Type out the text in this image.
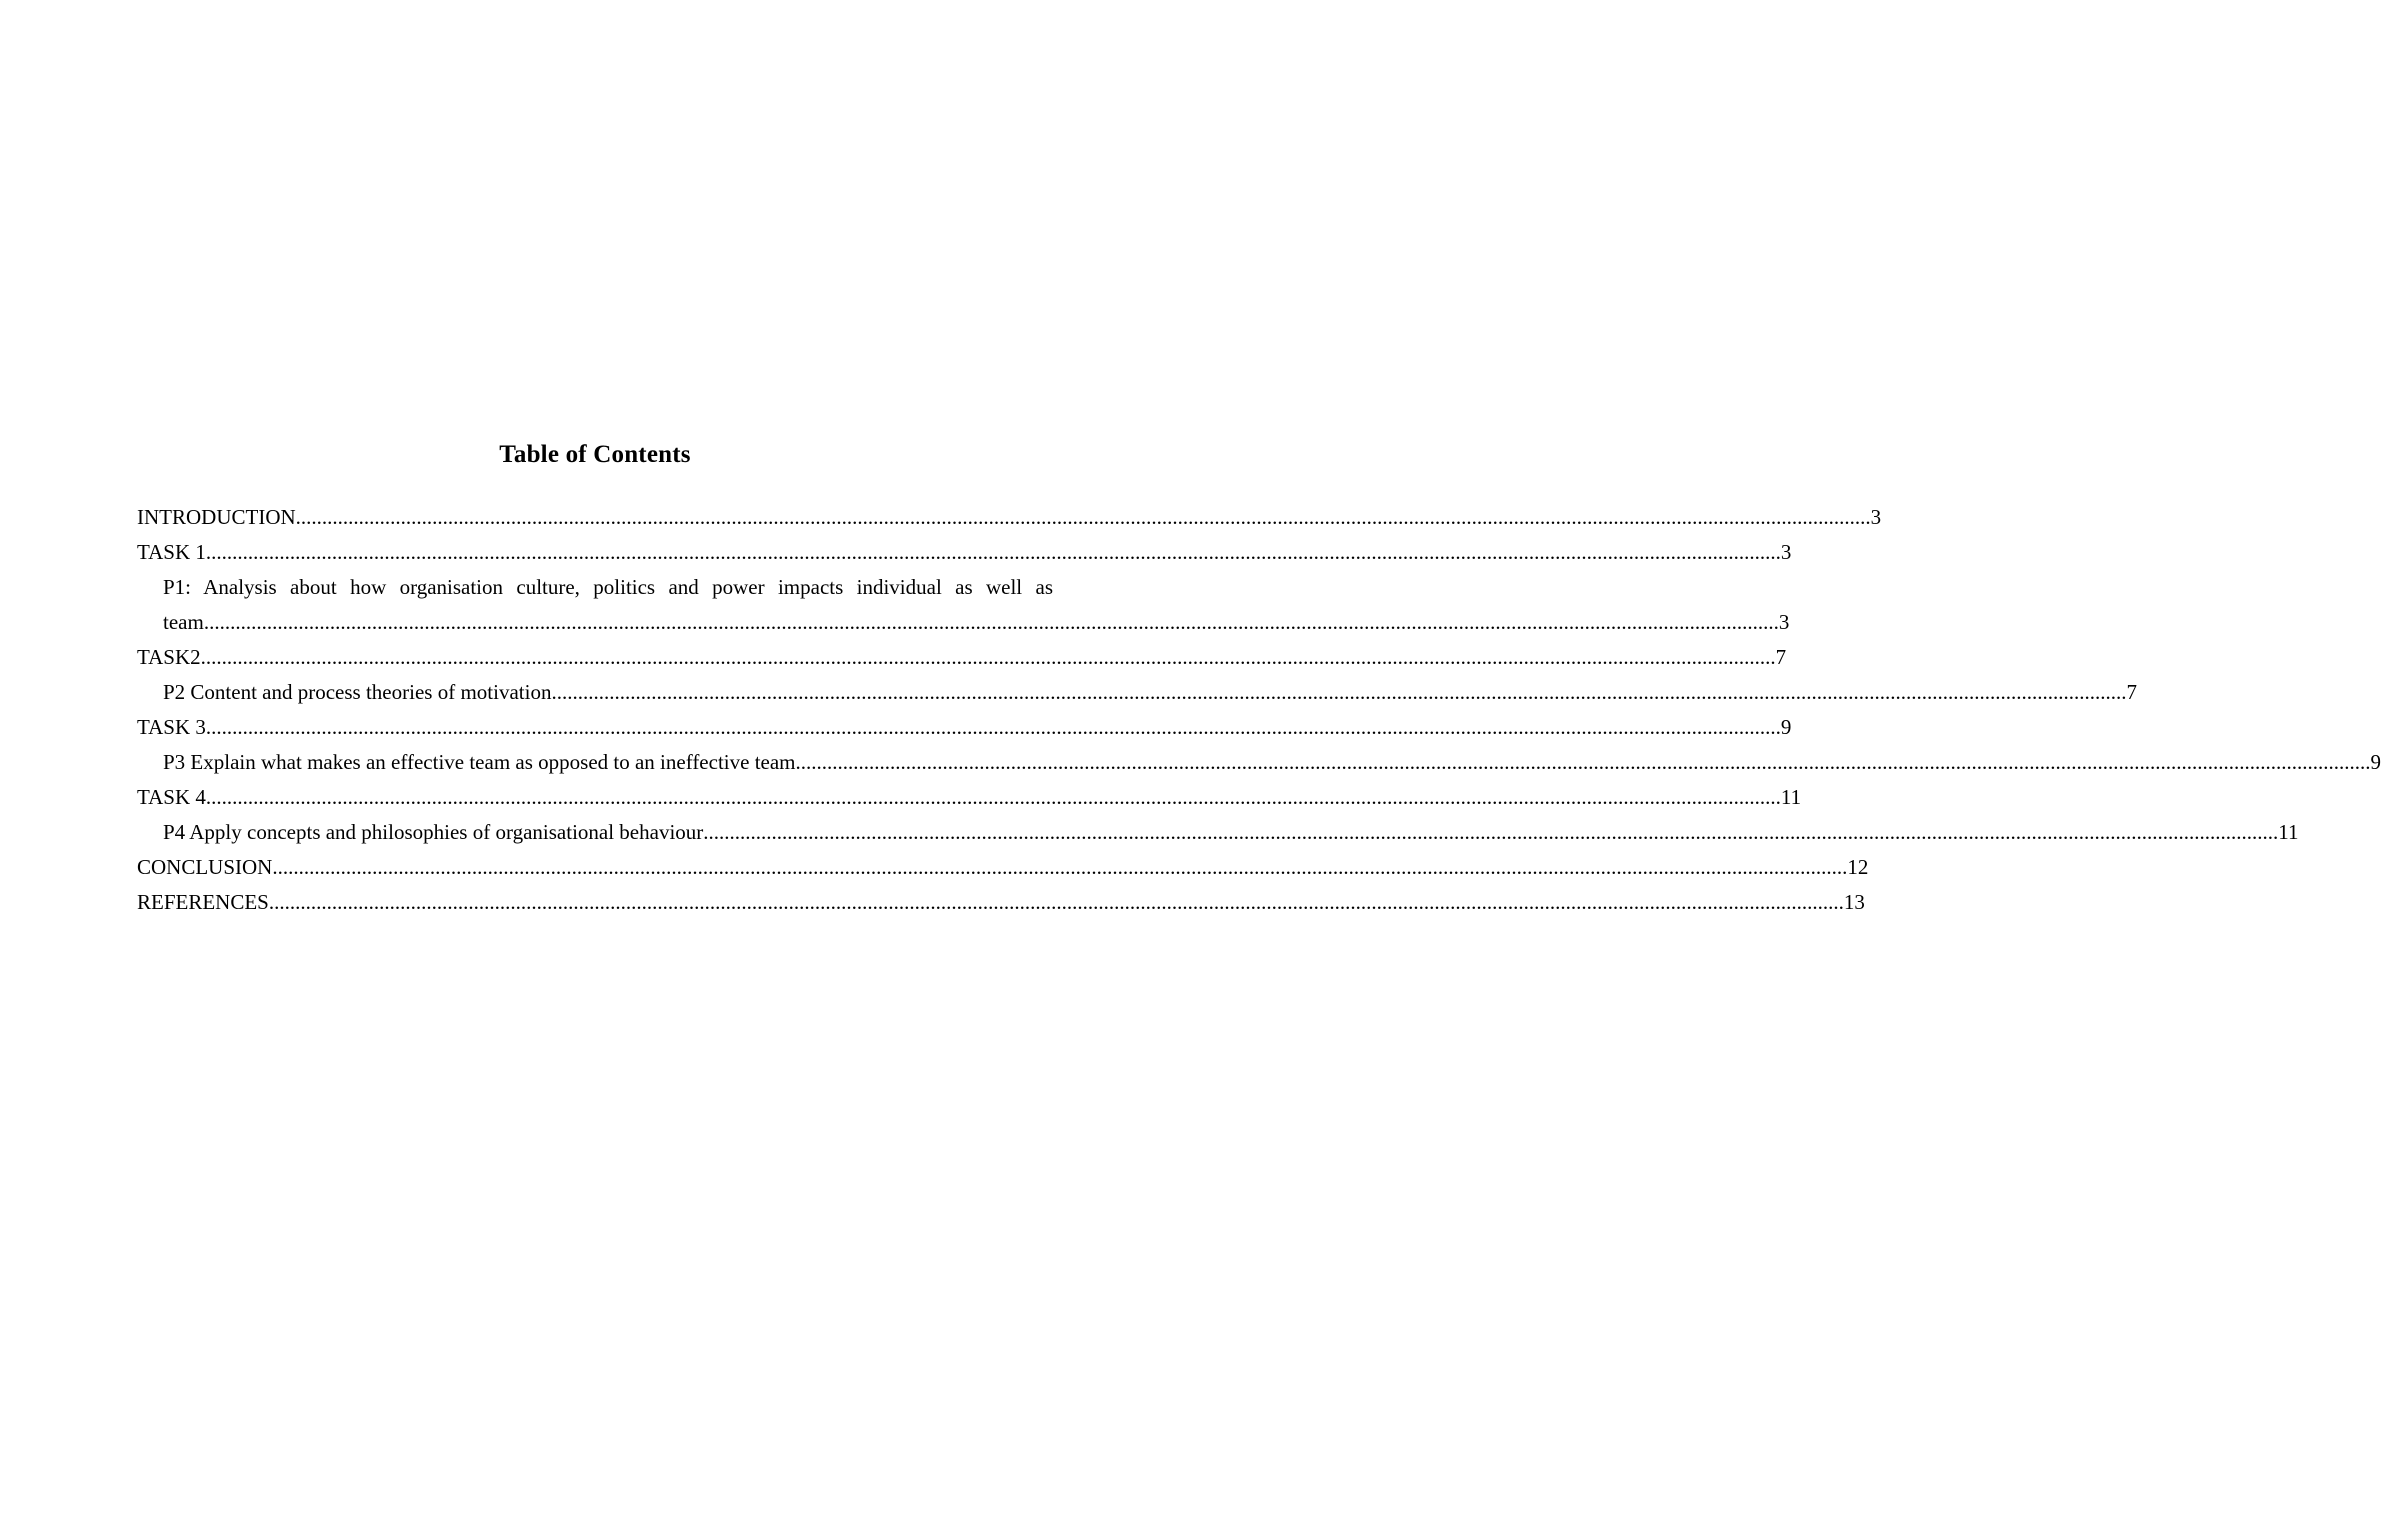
Table of Contents
INTRODUCTION ............................................................................................................................................................................................................................................................................................................ 3
TASK 1 ............................................................................................................................................................................................................................................................................................................ 3
P1: Analysis about how organisation culture, politics and power impacts individual as well as
team ............................................................................................................................................................................................................................................................................................................ 3
TASK2 ............................................................................................................................................................................................................................................................................................................ 7
P2 Content and process theories of motivation ............................................................................................................................................................................................................................................................................................................ 7
TASK 3 ............................................................................................................................................................................................................................................................................................................ 9
P3 Explain what makes an effective team as opposed to an ineffective team ............................................................................................................................................................................................................................................................................................................ 9
TASK 4 ............................................................................................................................................................................................................................................................................................................ 11
P4 Apply concepts and philosophies of organisational behaviour ............................................................................................................................................................................................................................................................................................................ 11
CONCLUSION ............................................................................................................................................................................................................................................................................................................ 12
REFERENCES ............................................................................................................................................................................................................................................................................................................ 13
